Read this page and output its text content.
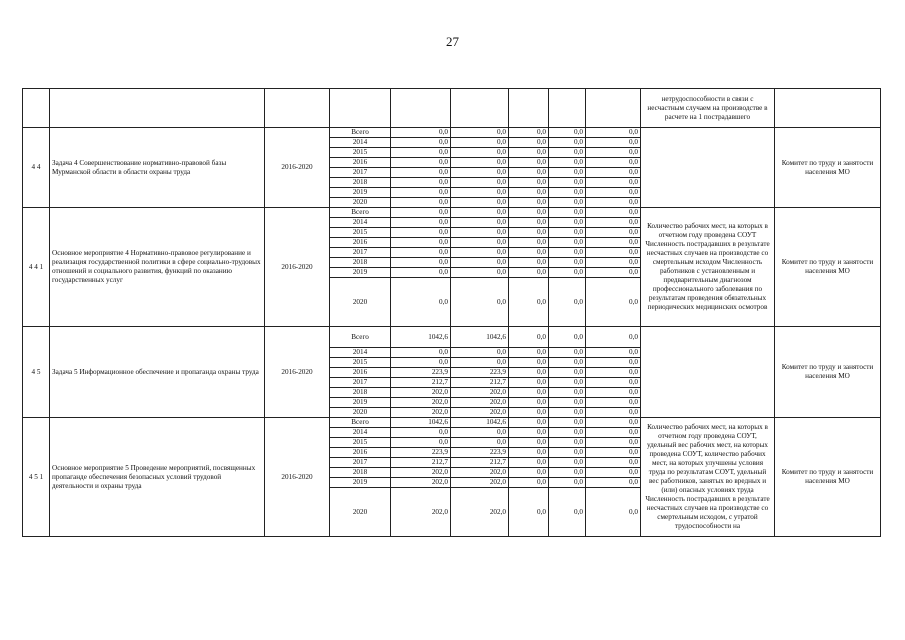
27
									нетрудоспособности в связи с несчастным случаем на производстве в расчете на 1 пострадавшего	
4 4	Задача 4 Совершенствование нормативно-правовой базы Мурманской области в области охраны труда	2016-2020	Всего	0,0	0,0	0,0	0,0	0,0		Комитет по труду и занятости населения МО
			2014	0,0	0,0	0,0	0,0	0,0		
			2015	0,0	0,0	0,0	0,0	0,0		
			2016	0,0	0,0	0,0	0,0	0,0		
			2017	0,0	0,0	0,0	0,0	0,0		
			2018	0,0	0,0	0,0	0,0	0,0		
			2019	0,0	0,0	0,0	0,0	0,0		
			2020	0,0	0,0	0,0	0,0	0,0		
4 4 1	Основное мероприятие 4 Нормативно-правовое регулирование и реализация государственной политики в сфере социально-трудовых отношений и социального развития, функций по оказанию государственных услуг	2016-2020	Всего	0,0	0,0	0,0	0,0	0,0	Количество рабочих мест, на которых в отчетном году проведена СОУТ Численность пострадавших в результате несчастных случаев на производстве со смертельным исходом Численность работников с установленным и предварительным диагнозом профессионального заболевания по результатам проведения обязательных периодических медицинских осмотров	Комитет по труду и занятости населения МО
			2014	0,0	0,0	0,0	0,0	0,0		
			2015	0,0	0,0	0,0	0,0	0,0		
			2016	0,0	0,0	0,0	0,0	0,0		
			2017	0,0	0,0	0,0	0,0	0,0		
			2018	0,0	0,0	0,0	0,0	0,0		
			2019	0,0	0,0	0,0	0,0	0,0		
			2020	0,0	0,0	0,0	0,0	0,0		
4 5	Задача 5 Информационное обеспечение и пропаганда охраны труда	2016-2020	Всего	1042,6	1042,6	0,0	0,0	0,0		Комитет по труду и занятости населения МО
			2014	0,0	0,0	0,0	0,0	0,0		
			2015	0,0	0,0	0,0	0,0	0,0		
			2016	223,9	223,9	0,0	0,0	0,0		
			2017	212,7	212,7	0,0	0,0	0,0		
			2018	202,0	202,0	0,0	0,0	0,0		
			2019	202,0	202,0	0,0	0,0	0,0		
			2020	202,0	202,0	0,0	0,0	0,0		
4 5 1	Основное мероприятие 5 Проведение мероприятий, посвященных пропаганде обеспечения безопасных условий трудовой деятельности и охраны труда	2016-2020	Всего	1042,6	1042,6	0,0	0,0	0,0	Количество рабочих мест, на которых в отчетном году проведена СОУТ, удельный вес рабочих мест, на которых проведена СОУТ, количество рабочих мест, на которых улучшены условия труда по результатам СОУТ, удельный вес работников, занятых во вредных и (или) опасных условиях труда Численность пострадавших в результате несчастных случаев на производстве со смертельным исходом, с утратой трудоспособности на	Комитет по труду и занятости населения МО
			2014	0,0	0,0	0,0	0,0	0,0		
			2015	0,0	0,0	0,0	0,0	0,0		
			2016	223,9	223,9	0,0	0,0	0,0		
			2017	212,7	212,7	0,0	0,0	0,0		
			2018	202,0	202,0	0,0	0,0	0,0		
			2019	202,0	202,0	0,0	0,0	0,0		
			2020	202,0	202,0	0,0	0,0	0,0		
